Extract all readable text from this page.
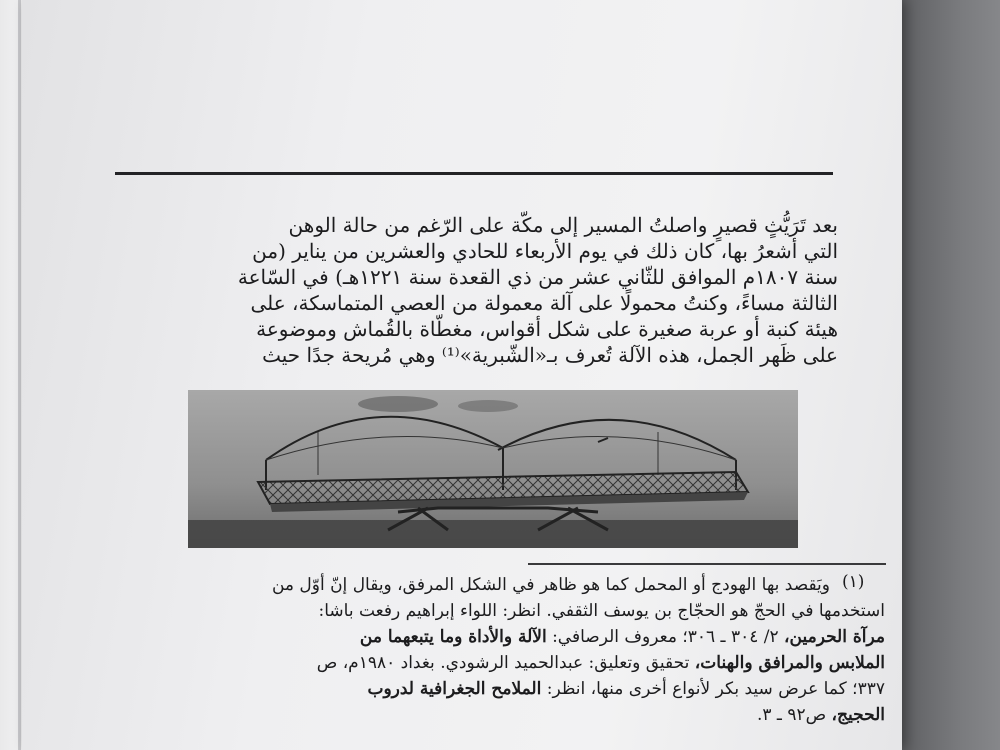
بعد تَرَيُّثٍ قصيرٍ واصلتُ المسير إلى مكّة على الرّغم من حالة الوهن
التي أشعرُ بها، كان ذلك في يوم الأربعاء للحادي والعشرين من يناير (من
سنة ١٨٠٧م الموافق للثّاني عشر من ذي القعدة سنة ١٢٢١هـ) في السّاعة
الثالثة مساءً، وكنتُ محمولًا على آلة معمولة من العصي المتماسكة، على
هيئة كنبة أو عربة صغيرة على شكل أقواس، مغطّاة بالقُماش وموضوعة
على ظَهر الجمل، هذه الآلة تُعرف بـ«الشّبرية»⁽¹⁾ وهي مُريحة جدًا حيث
(١)
ويَقصد بها الهودج أو المحمل كما هو ظاهر في الشكل المرفق، ويقال إنّ أوّل من
استخدمها في الحجّ هو الحجّاج بن يوسف الثقفي. انظر: اللواء إبراهيم رفعت باشا:
مرآة الحرمين، ٢/ ٣٠٤ ـ ٣٠٦؛ معروف الرصافي: الآلة والأداة وما يتبعهما من
الملابس والمرافق والهنات، تحقيق وتعليق: عبدالحميد الرشودي. بغداد ١٩٨٠م، ص
٣٣٧؛ كما عرض سيد بكر لأنواع أخرى منها، انظر: الملامح الجغرافية لدروب
الحجيج، ص٩٢ ـ ٣.
